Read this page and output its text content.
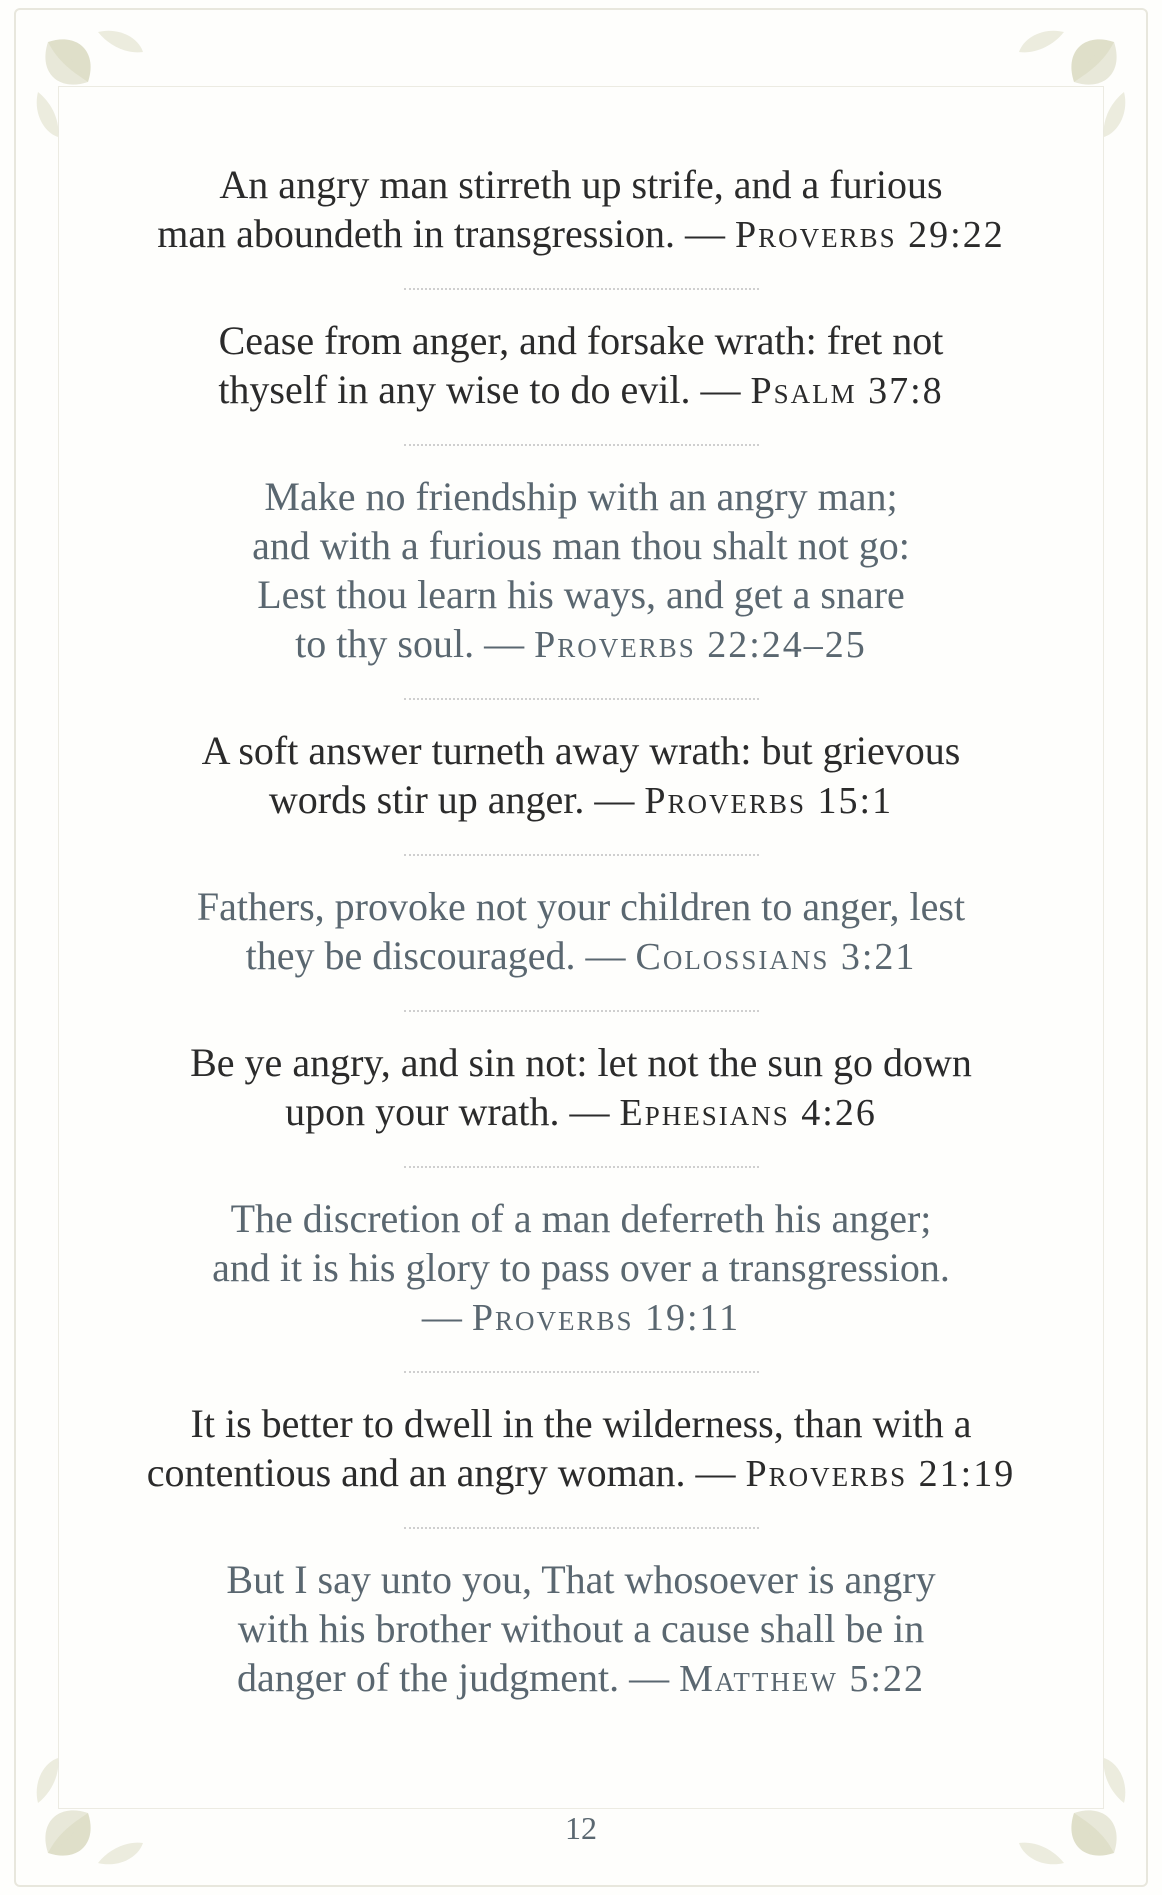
An angry man stirreth up strife, and a furious
man aboundeth in transgression. — Proverbs 29:22
Cease from anger, and forsake wrath: fret not
thyself in any wise to do evil. — Psalm 37:8
Make no friendship with an angry man;
and with a furious man thou shalt not go:
Lest thou learn his ways, and get a snare
to thy soul. — Proverbs 22:24–25
A soft answer turneth away wrath: but grievous
words stir up anger. — Proverbs 15:1
Fathers, provoke not your children to anger, lest
they be discouraged. — Colossians 3:21
Be ye angry, and sin not: let not the sun go down
upon your wrath. — Ephesians 4:26
The discretion of a man deferreth his anger;
and it is his glory to pass over a transgression.
— Proverbs 19:11
It is better to dwell in the wilderness, than with a
contentious and an angry woman. — Proverbs 21:19
But I say unto you, That whosoever is angry
with his brother without a cause shall be in
danger of the judgment. — Matthew 5:22
12
